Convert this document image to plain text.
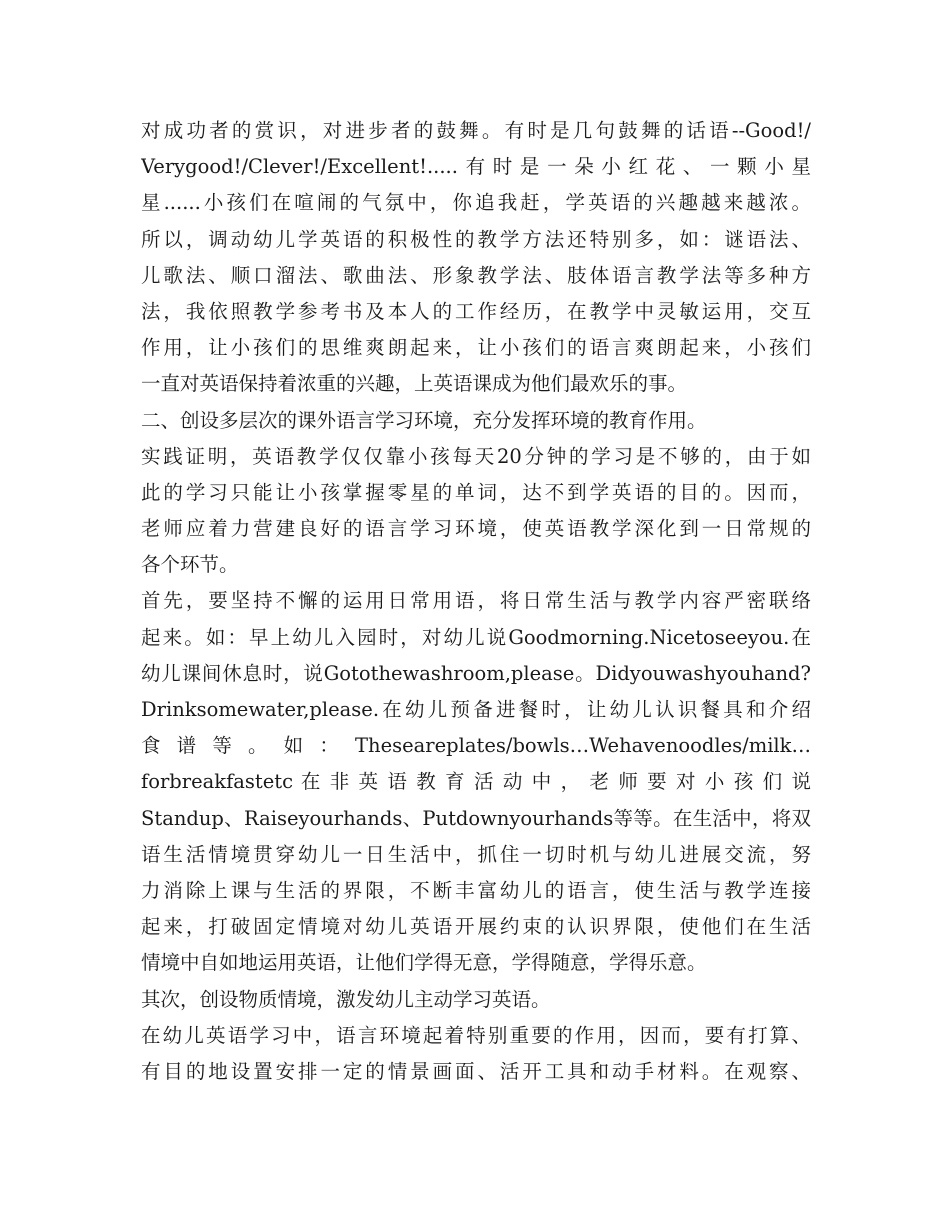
对成功者的赏识，对进步者的鼓舞。有时是几句鼓舞的话语--Good!/
Verygood!/Clever!/Excellent!.....有时是一朵小红花、一颗小星
星......小孩们在喧闹的气氛中，你追我赶，学英语的兴趣越来越浓。
所以，调动幼儿学英语的积极性的教学方法还特别多，如：谜语法、
儿歌法、顺口溜法、歌曲法、形象教学法、肢体语言教学法等多种方
法，我依照教学参考书及本人的工作经历，在教学中灵敏运用，交互
作用，让小孩们的思维爽朗起来，让小孩们的语言爽朗起来，小孩们
一直对英语保持着浓重的兴趣，上英语课成为他们最欢乐的事。
二、创设多层次的课外语言学习环境，充分发挥环境的教育作用。
实践证明，英语教学仅仅靠小孩每天20分钟的学习是不够的，由于如
此的学习只能让小孩掌握零星的单词，达不到学英语的目的。因而，
老师应着力营建良好的语言学习环境，使英语教学深化到一日常规的
各个环节。
首先，要坚持不懈的运用日常用语，将日常生活与教学内容严密联络
起来。如：早上幼儿入园时，对幼儿说Goodmorning.Nicetoseeyou.在
幼儿课间休息时，说Gotothewashroom,please。Didyouwashyouhand?
Drinksomewater,please.在幼儿预备进餐时，让幼儿认识餐具和介绍
食 谱 等 。 如 ： Theseareplates/bowls…Wehavenoodles/milk…
forbreakfastetc 在 非 英 语 教 育 活 动 中 ， 老 师 要 对 小 孩 们 说
Standup、Raiseyourhands、Putdownyourhands等等。在生活中，将双
语生活情境贯穿幼儿一日生活中，抓住一切时机与幼儿进展交流，努
力消除上课与生活的界限，不断丰富幼儿的语言，使生活与教学连接
起来，打破固定情境对幼儿英语开展约束的认识界限，使他们在生活
情境中自如地运用英语，让他们学得无意，学得随意，学得乐意。
其次，创设物质情境，激发幼儿主动学习英语。
在幼儿英语学习中，语言环境起着特别重要的作用，因而，要有打算、
有目的地设置安排一定的情景画面、活开工具和动手材料。在观察、
